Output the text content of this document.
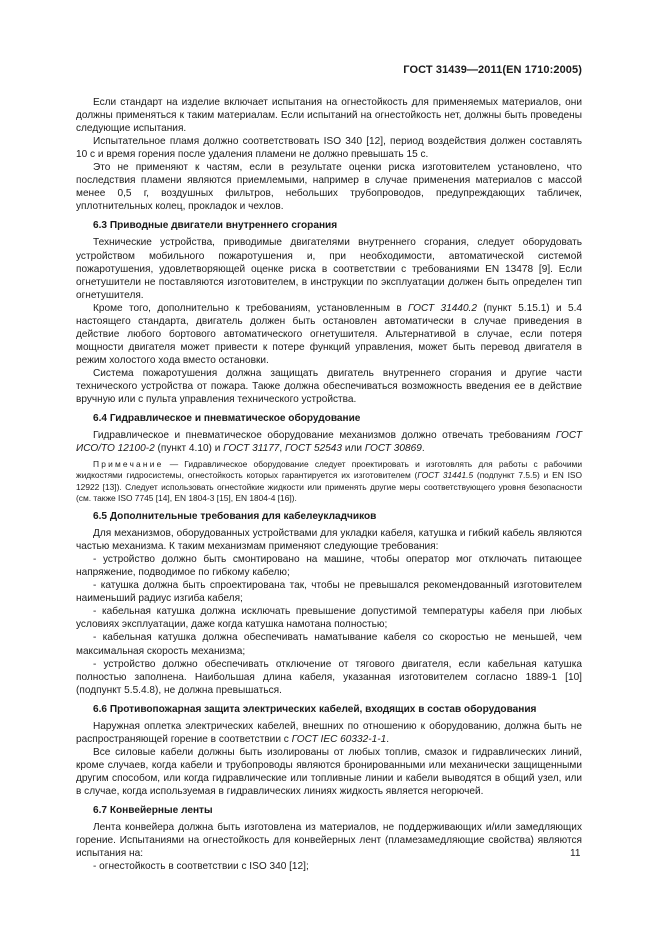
ГОСТ 31439—2011(EN 1710:2005)

Если стандарт на изделие включает испытания на огнестойкость для применяемых материалов, они должны применяться к таким материалам. Если испытаний на огнестойкость нет, должны быть проведены следующие испытания.

Испытательное пламя должно соответствовать ISO 340 [12], период воздействия должен составлять 10 с и время горения после удаления пламени не должно превышать 15 с.

Это не применяют к частям, если в результате оценки риска изготовителем установлено, что последствия пламени являются приемлемыми, например в случае применения материалов с массой менее 0,5 г, воздушных фильтров, небольших трубопроводов, предупреждающих табличек, уплотнительных колец, прокладок и чехлов.

6.3 Приводные двигатели внутреннего сгорания

Технические устройства, приводимые двигателями внутреннего сгорания, следует оборудовать устройством мобильного пожаротушения и, при необходимости, автоматической системой пожаротушения, удовлетворяющей оценке риска в соответствии с требованиями EN 13478 [9]. Если огнетушители не поставляются изготовителем, в инструкции по эксплуатации должен быть определен тип огнетушителя.

Кроме того, дополнительно к требованиям, установленным в ГОСТ 31440.2 (пункт 5.15.1) и 5.4 настоящего стандарта, двигатель должен быть остановлен автоматически в случае приведения в действие любого бортового автоматического огнетушителя. Альтернативой в случае, если потеря мощности двигателя может привести к потере функций управления, может быть перевод двигателя в режим холостого хода вместо остановки.

Система пожаротушения должна защищать двигатель внутреннего сгорания и другие части технического устройства от пожара. Также должна обеспечиваться возможность введения ее в действие вручную или с пульта управления технического устройства.

6.4 Гидравлическое и пневматическое оборудование

Гидравлическое и пневматическое оборудование механизмов должно отвечать требованиям ГОСТ ИСО/ТО 12100-2 (пункт 4.10) и ГОСТ 31177, ГОСТ 52543 или ГОСТ 30869.

Примечание — Гидравлическое оборудование следует проектировать и изготовлять для работы с рабочими жидкостями гидросистемы, огнестойкость которых гарантируется их изготовителем (ГОСТ 31441.5 (подпункт 7.5.5) и EN ISO 12922 [13]). Следует использовать огнестойкие жидкости или применять другие меры соответствующего уровня безопасности (см. также ISO 7745 [14], EN 1804-3 [15], EN 1804-4 [16]).

6.5 Дополнительные требования для кабелеукладчиков

Для механизмов, оборудованных устройствами для укладки кабеля, катушка и гибкий кабель являются частью механизма. К таким механизмам применяют следующие требования:

- устройство должно быть смонтировано на машине, чтобы оператор мог отключать питающее напряжение, подводимое по гибкому кабелю;

- катушка должна быть спроектирована так, чтобы не превышался рекомендованный изготовителем наименьший радиус изгиба кабеля;

- кабельная катушка должна исключать превышение допустимой температуры кабеля при любых условиях эксплуатации, даже когда катушка намотана полностью;

- кабельная катушка должна обеспечивать наматывание кабеля со скоростью не меньшей, чем максимальная скорость механизма;

- устройство должно обеспечивать отключение от тягового двигателя, если кабельная катушка полностью заполнена. Наибольшая длина кабеля, указанная изготовителем согласно 1889-1 [10] (подпункт 5.5.4.8), не должна превышаться.

6.6 Противопожарная защита электрических кабелей, входящих в состав оборудования

Наружная оплетка электрических кабелей, внешних по отношению к оборудованию, должна быть не распространяющей горение в соответствии с ГОСТ IEC 60332-1-1.

Все силовые кабели должны быть изолированы от любых топлив, смазок и гидравлических линий, кроме случаев, когда кабели и трубопроводы являются бронированными или механически защищенными другим способом, или когда гидравлические или топливные линии и кабели выводятся в общий узел, или в случае, когда используемая в гидравлических линиях жидкость является негорючей.

6.7 Конвейерные ленты

Лента конвейера должна быть изготовлена из материалов, не поддерживающих и/или замедляющих горение. Испытаниями на огнестойкость для конвейерных лент (пламезамедляющие свойства) являются испытания на:

- огнестойкость в соответствии с ISO 340 [12];

11
